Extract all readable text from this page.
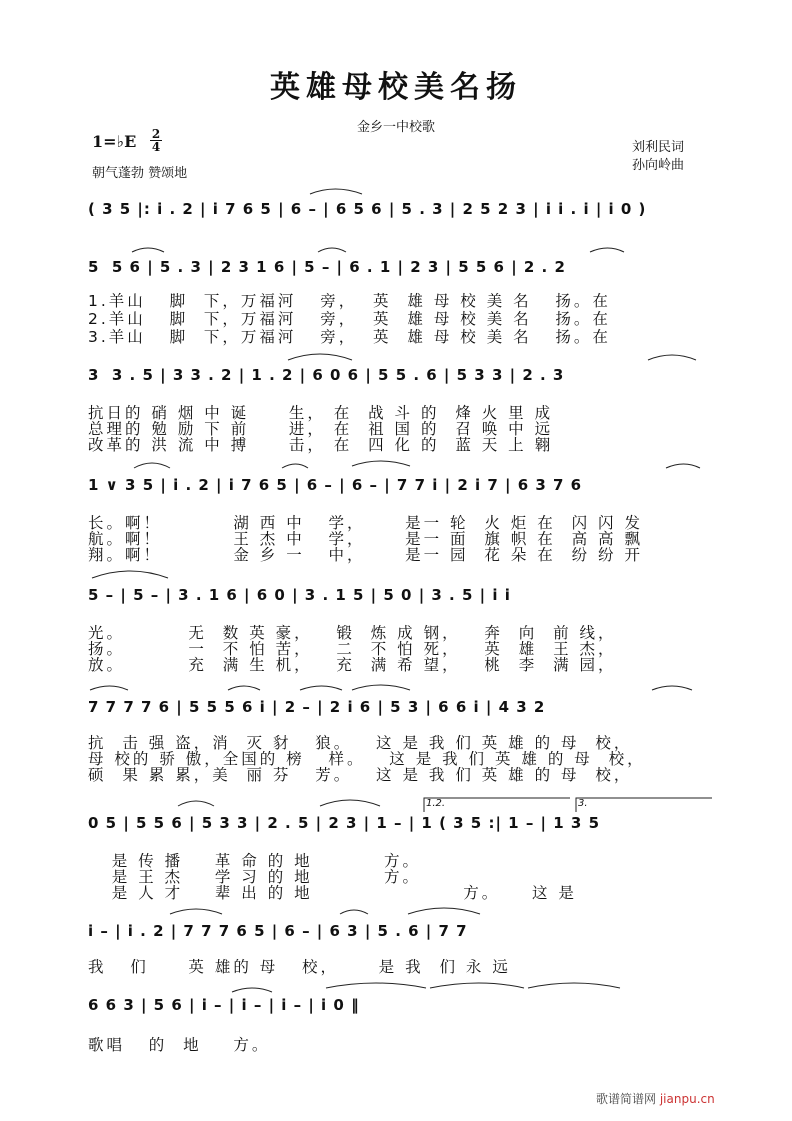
英雄母校美名扬
金乡一中校歌
1=♭E 2
4
朝气蓬勃 赞颂地
刘利民词
孙向岭曲
( 3 5 |: i . 2 | i 7 6 5 | 6 – | 6 5 6 | 5 . 3 | 2 5 2 3 | i i . i | i 0 )
5  5 6 | 5 . 3 | 2 3 1 6 | 5 – | 6 . 1 | 2 3 | 5 5 6 | 2 . 2
1.羊山   脚  下，万福河   旁，  英  雄 母 校 美 名   扬。在
2.羊山   脚  下，万福河   旁，  英  雄 母 校 美 名   扬。在
3.羊山   脚  下，万福河   旁，  英  雄 母 校 美 名   扬。在
3  3 . 5 | 3 3 . 2 | 1 . 2 | 6 0 6 | 5 5 . 6 | 5 3 3 | 2 . 3
抗日的 硝 烟 中 诞     生， 在  战 斗 的  烽 火 里 成
总理的 勉 励 下 前     进， 在  祖 国 的  召 唤 中 远
改革的 洪 流 中 搏     击， 在  四 化 的  蓝 天 上 翱
1 ∨ 3 5 | i . 2 | i 7 6 5 | 6 – | 6 – | 7 7 i | 2 i 7 | 6 3 7 6
长。啊！         湖 西 中   学，     是一 轮  火 炬 在  闪 闪 发
航。啊！         王 杰 中   学，     是一 面  旗 帜 在  高 高 飘
翔。啊！         金 乡 一   中，     是一 园  花 朵 在  纷 纷 开
5 – | 5 – | 3 . 1 6 | 6 0 | 3 . 1 5 | 5 0 | 3 . 5 | i i
光。        无  数 英 豪，   锻  炼 成 钢，   奔  向  前 线，
扬。        一  不 怕 苦，   二  不 怕 死，   英  雄  王 杰，
放。        充  满 生 机，   充  满 希 望，   桃  李  满 园，
7 7 7 7 6 | 5 5 5 6 i | 2 – | 2 i 6 | 5 3 | 6 6 i | 4 3 2
抗  击 强 盗，消  灭 豺   狼。   这 是 我 们 英 雄 的 母  校，
母 校的 骄 傲，全国的 榜   样。   这 是 我 们 英 雄 的 母  校，
硕  果 累 累，美  丽 芬   芳。   这 是 我 们 英 雄 的 母  校，
0 5 | 5 5 6 | 5 3 3 | 2 . 5 | 2 3 | 1 – | 1 ( 3 5 :| 1 – | 1 3 5
1.2.	3.
是 传 播    革 命 的 地         方。
是 王 杰    学 习 的 地         方。
是 人 才    辈 出 的 地                   方。    这 是
i – | i . 2 | 7 7 7 6 5 | 6 – | 6 3 | 5 . 6 | 7 7
我   们     英 雄的 母   校，     是 我  们 永 远
6 6 3 | 5 6 | i – | i – | i – | i 0 ‖
歌唱   的  地    方。
歌谱简谱网 jianpu.cn
